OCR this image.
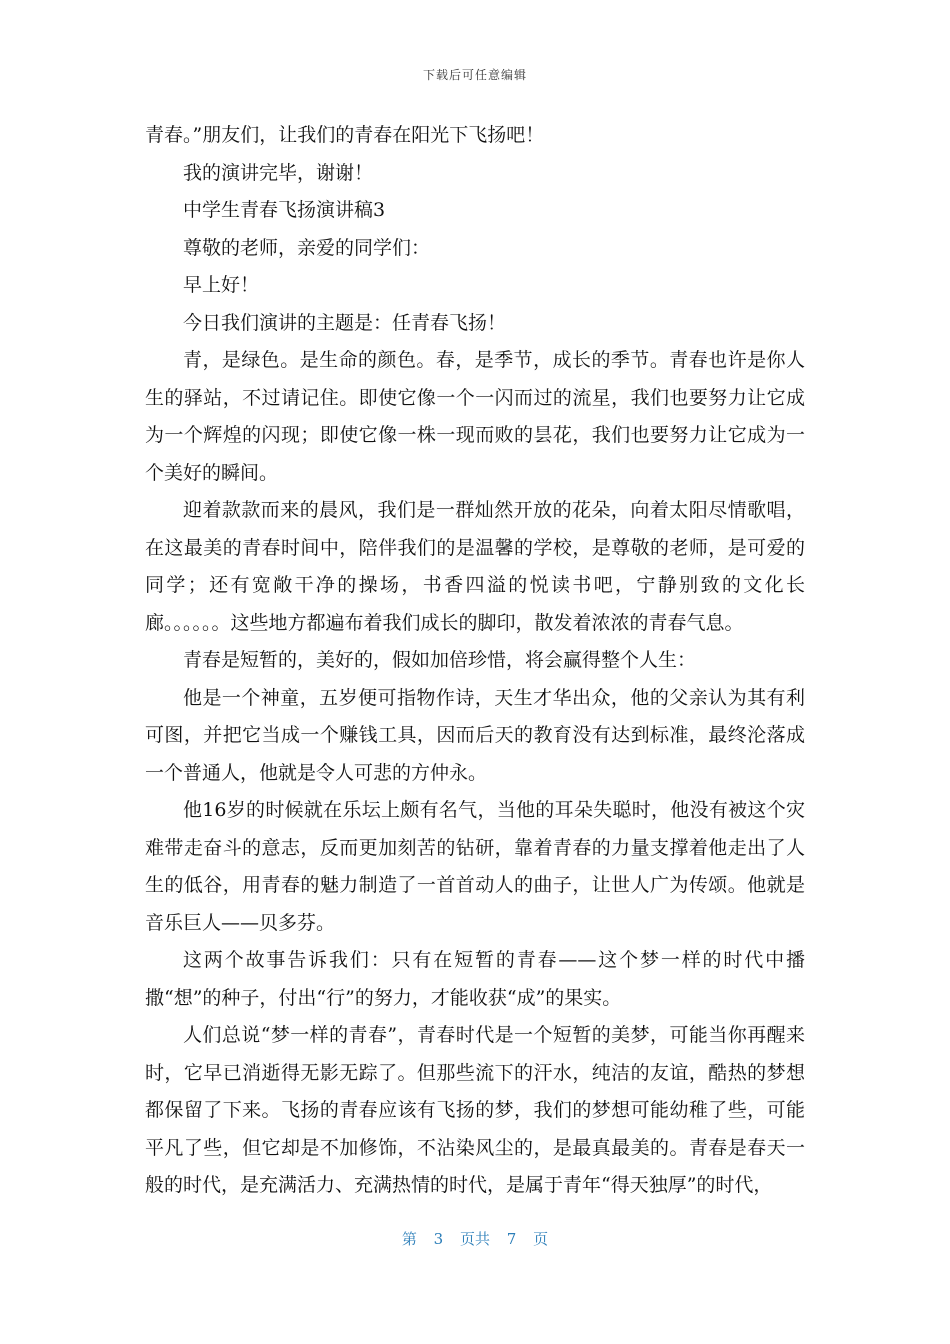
下载后可任意编辑

青春。”朋友们，让我们的青春在阳光下飞扬吧！

我的演讲完毕，谢谢！

中学生青春飞扬演讲稿3

尊敬的老师，亲爱的同学们：

早上好！

今日我们演讲的主题是：任青春飞扬！

青，是绿色。是生命的颜色。春，是季节，成长的季节。青春也许是你人生的驿站，不过请记住。即使它像一个一闪而过的流星，我们也要努力让它成为一个辉煌的闪现；即使它像一株一现而败的昙花，我们也要努力让它成为一个美好的瞬间。

迎着款款而来的晨风，我们是一群灿然开放的花朵，向着太阳尽情歌唱，在这最美的青春时间中，陪伴我们的是温馨的学校，是尊敬的老师，是可爱的同学；还有宽敞干净的操场，书香四溢的悦读书吧，宁静别致的文化长廊。。。。。。这些地方都遍布着我们成长的脚印，散发着浓浓的青春气息。

青春是短暂的，美好的，假如加倍珍惜，将会赢得整个人生：

他是一个神童，五岁便可指物作诗，天生才华出众，他的父亲认为其有利可图，并把它当成一个赚钱工具，因而后天的教育没有达到标准，最终沦落成一个普通人，他就是令人可悲的方仲永。

他16岁的时候就在乐坛上颇有名气，当他的耳朵失聪时，他没有被这个灾难带走奋斗的意志，反而更加刻苦的钻研，靠着青春的力量支撑着他走出了人生的低谷，用青春的魅力制造了一首首动人的曲子，让世人广为传颂。他就是音乐巨人——贝多芬。

这两个故事告诉我们：只有在短暂的青春——这个梦一样的时代中播撒“想”的种子，付出“行”的努力，才能收获“成”的果实。

人们总说“梦一样的青春”，青春时代是一个短暂的美梦，可能当你再醒来时，它早已消逝得无影无踪了。但那些流下的汗水，纯洁的友谊，酷热的梦想都保留了下来。飞扬的青春应该有飞扬的梦，我们的梦想可能幼稚了些，可能平凡了些，但它却是不加修饰，不沾染风尘的，是最真最美的。青春是春天一般的时代，是充满活力、充满热情的时代，是属于青年“得天独厚”的时代，

第 3 页共 7 页
